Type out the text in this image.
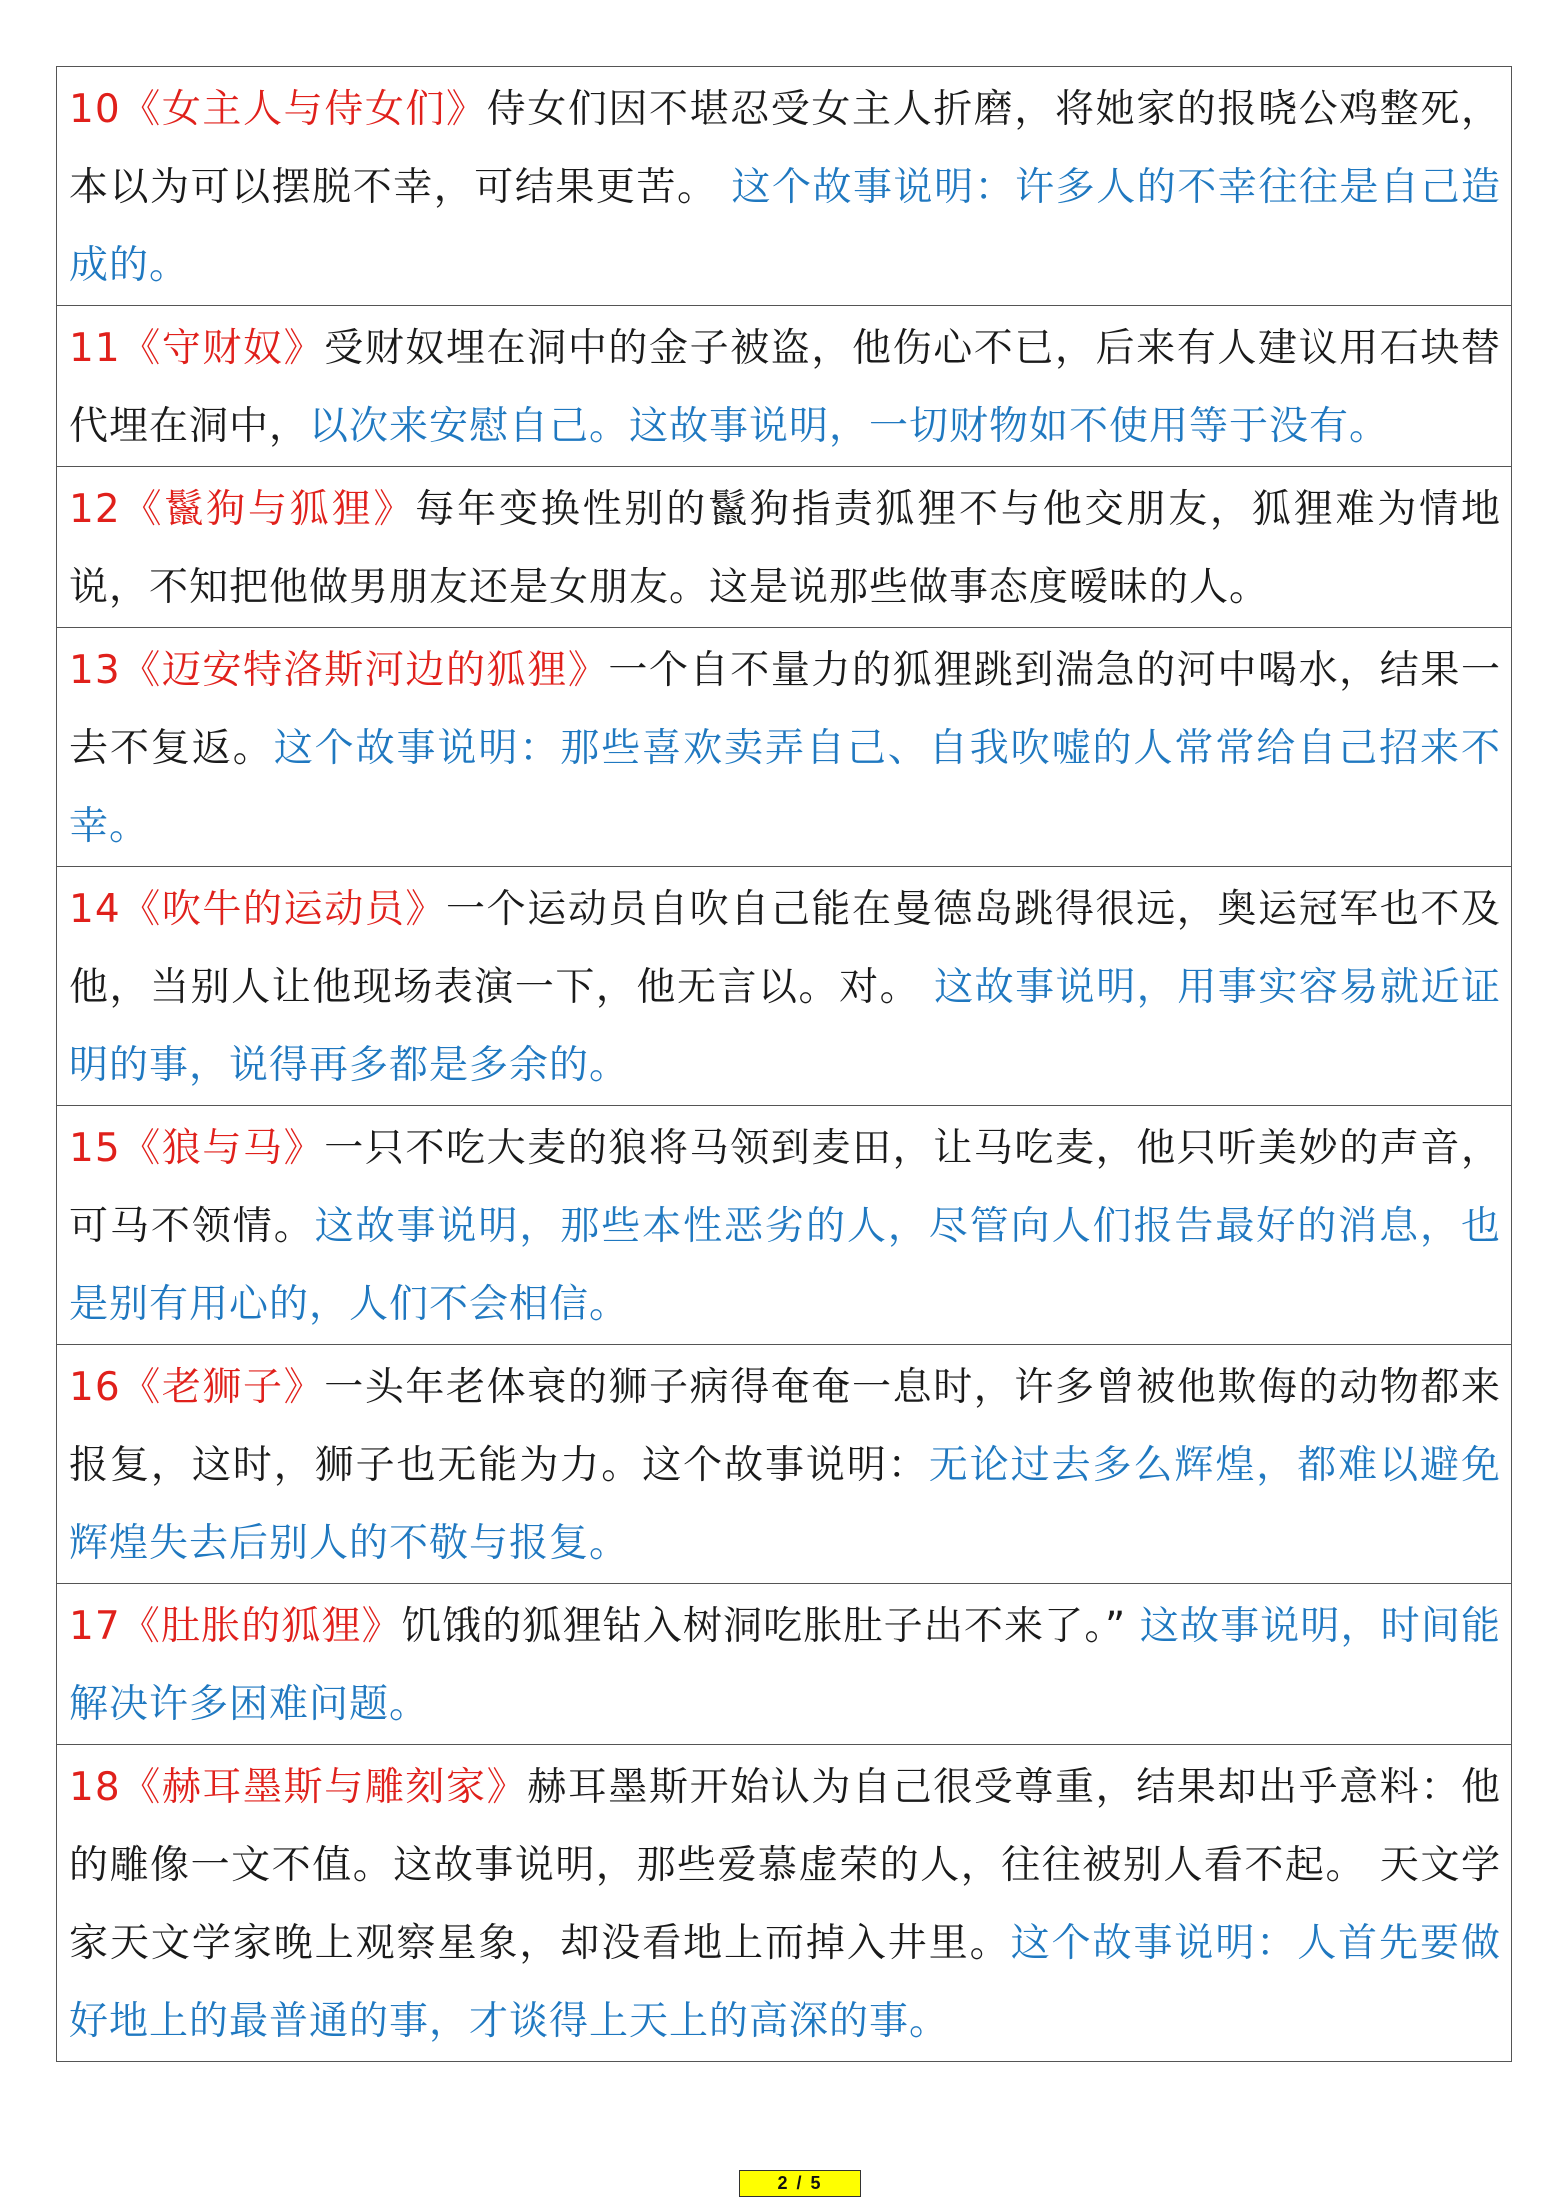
10《女主人与侍女们》侍女们因不堪忍受女主人折磨，将她家的报晓公鸡整死，本以为可以摆脱不幸，可结果更苦。 这个故事说明：许多人的不幸往往是自己造成的。

11《守财奴》受财奴埋在洞中的金子被盗，他伤心不已，后来有人建议用石块替代埋在洞中，以次来安慰自己。这故事说明，一切财物如不使用等于没有。

12《鬣狗与狐狸》每年变换性别的鬣狗指责狐狸不与他交朋友，狐狸难为情地说，不知把他做男朋友还是女朋友。这是说那些做事态度暧昧的人。

13《迈安特洛斯河边的狐狸》一个自不量力的狐狸跳到湍急的河中喝水，结果一去不复返。这个故事说明：那些喜欢卖弄自己、自我吹嘘的人常常给自己招来不幸。

14《吹牛的运动员》一个运动员自吹自己能在曼德岛跳得很远，奥运冠军也不及他，当别人让他现场表演一下，他无言以。对。 这故事说明，用事实容易就近证明的事，说得再多都是多余的。

15《狼与马》一只不吃大麦的狼将马领到麦田，让马吃麦，他只听美妙的声音，可马不领情。这故事说明，那些本性恶劣的人，尽管向人们报告最好的消息，也是别有用心的，人们不会相信。

16《老狮子》一头年老体衰的狮子病得奄奄一息时，许多曾被他欺侮的动物都来报复，这时，狮子也无能为力。这个故事说明：无论过去多么辉煌，都难以避免辉煌失去后别人的不敬与报复。

17《肚胀的狐狸》饥饿的狐狸钻入树洞吃胀肚子出不来了。” 这故事说明，时间能解决许多困难问题。

18《赫耳墨斯与雕刻家》赫耳墨斯开始认为自己很受尊重，结果却出乎意料：他的雕像一文不值。这故事说明，那些爱慕虚荣的人，往往被别人看不起。 天文学家天文学家晚上观察星象，却没看地上而掉入井里。这个故事说明：人首先要做好地上的最普通的事，才谈得上天上的高深的事。

2 / 5
